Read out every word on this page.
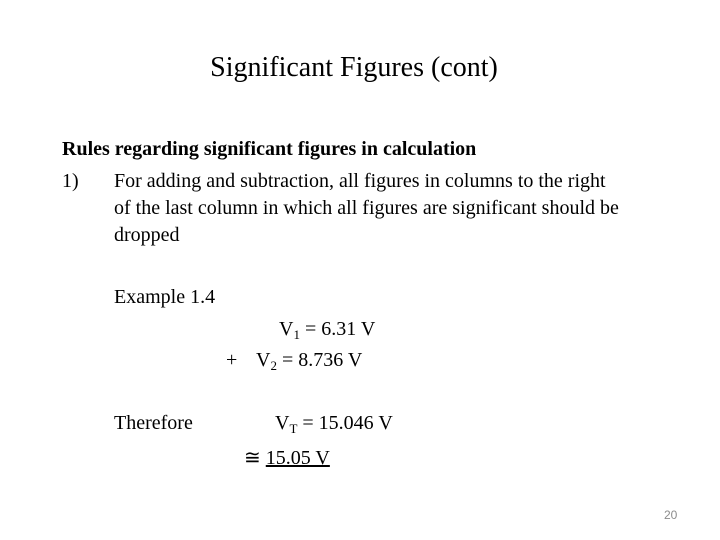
Significant Figures (cont)
Rules regarding significant figures in calculation
1) For adding and subtraction, all figures in columns to the right
of the last column in which all figures are significant should be
dropped
Example 1.4
$V_1 = 6.31$ V
+ $V_2 = 8.736$ V
Therefore	$V_T = 15.046$ V
≅ 15.05 V
20
